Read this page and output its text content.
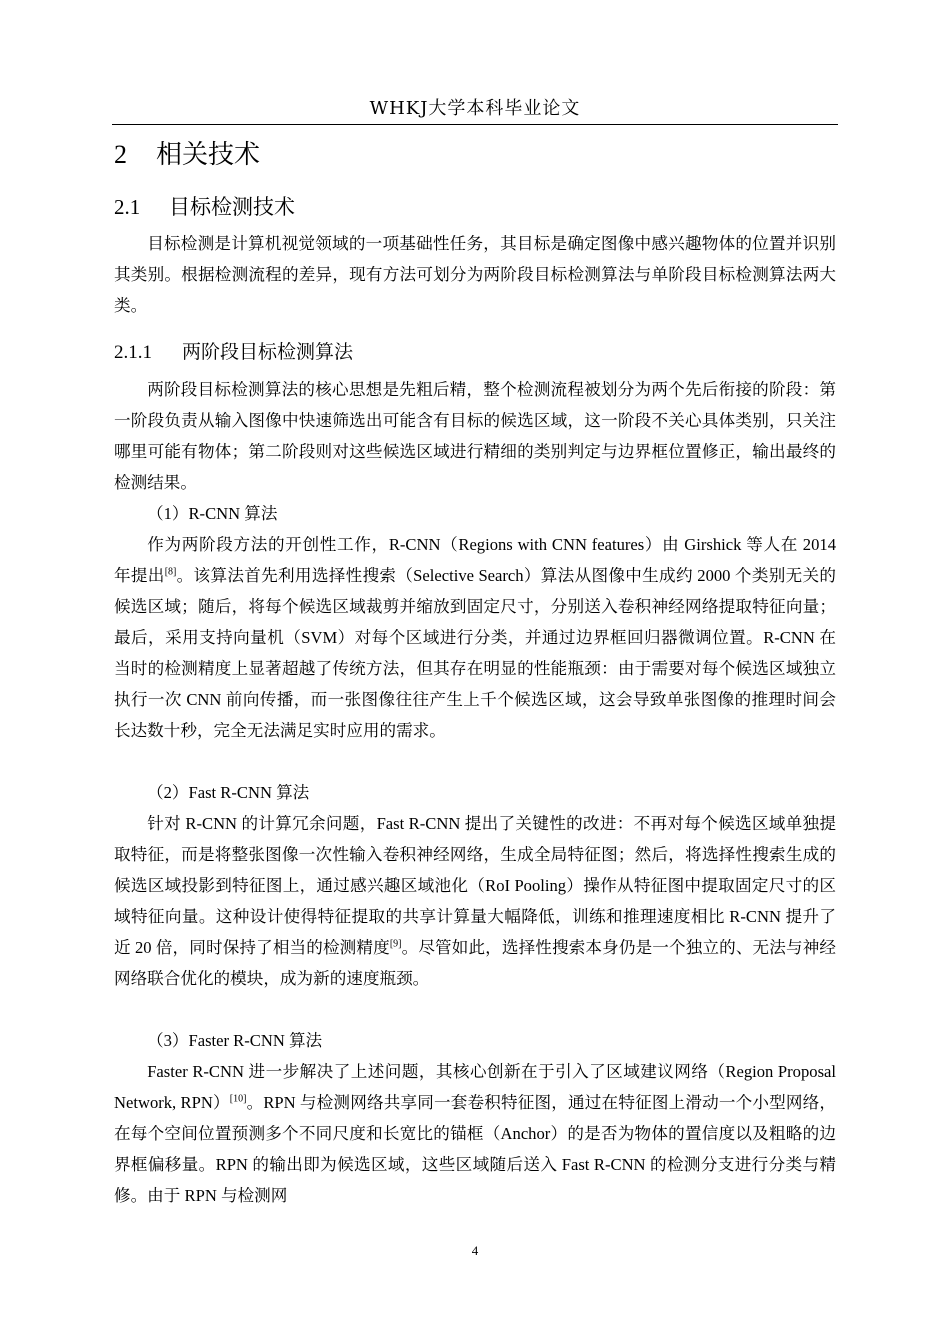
WHKJ大学本科毕业论文
2 相关技术
2.1 目标检测技术
目标检测是计算机视觉领域的一项基础性任务，其目标是确定图像中感兴趣物体的位置并识别其类别。根据检测流程的差异，现有方法可划分为两阶段目标检测算法与单阶段目标检测算法两大类。
2.1.1 两阶段目标检测算法
两阶段目标检测算法的核心思想是先粗后精，整个检测流程被划分为两个先后衔接的阶段：第一阶段负责从输入图像中快速筛选出可能含有目标的候选区域，这一阶段不关心具体类别，只关注哪里可能有物体；第二阶段则对这些候选区域进行精细的类别判定与边界框位置修正，输出最终的检测结果。
（1）R-CNN 算法
作为两阶段方法的开创性工作，R-CNN（Regions with CNN features）由 Girshick 等人在 2014 年提出[8]。该算法首先利用选择性搜索（Selective Search）算法从图像中生成约 2000 个类别无关的候选区域；随后，将每个候选区域裁剪并缩放到固定尺寸，分别送入卷积神经网络提取特征向量；最后，采用支持向量机（SVM）对每个区域进行分类，并通过边界框回归器微调位置。R-CNN 在当时的检测精度上显著超越了传统方法，但其存在明显的性能瓶颈：由于需要对每个候选区域独立执行一次 CNN 前向传播，而一张图像往往产生上千个候选区域，这会导致单张图像的推理时间会长达数十秒，完全无法满足实时应用的需求。
（2）Fast R-CNN 算法
针对 R-CNN 的计算冗余问题，Fast R-CNN 提出了关键性的改进：不再对每个候选区域单独提取特征，而是将整张图像一次性输入卷积神经网络，生成全局特征图；然后，将选择性搜索生成的候选区域投影到特征图上，通过感兴趣区域池化（RoI Pooling）操作从特征图中提取固定尺寸的区域特征向量。这种设计使得特征提取的共享计算量大幅降低，训练和推理速度相比 R-CNN 提升了近 20 倍，同时保持了相当的检测精度[9]。尽管如此，选择性搜索本身仍是一个独立的、无法与神经网络联合优化的模块，成为新的速度瓶颈。
（3）Faster R-CNN 算法
Faster R-CNN 进一步解决了上述问题，其核心创新在于引入了区域建议网络（Region Proposal Network, RPN）[10]。RPN 与检测网络共享同一套卷积特征图，通过在特征图上滑动一个小型网络，在每个空间位置预测多个不同尺度和长宽比的锚框（Anchor）的是否为物体的置信度以及粗略的边界框偏移量。RPN 的输出即为候选区域，这些区域随后送入 Fast R-CNN 的检测分支进行分类与精修。由于 RPN 与检测网
4
